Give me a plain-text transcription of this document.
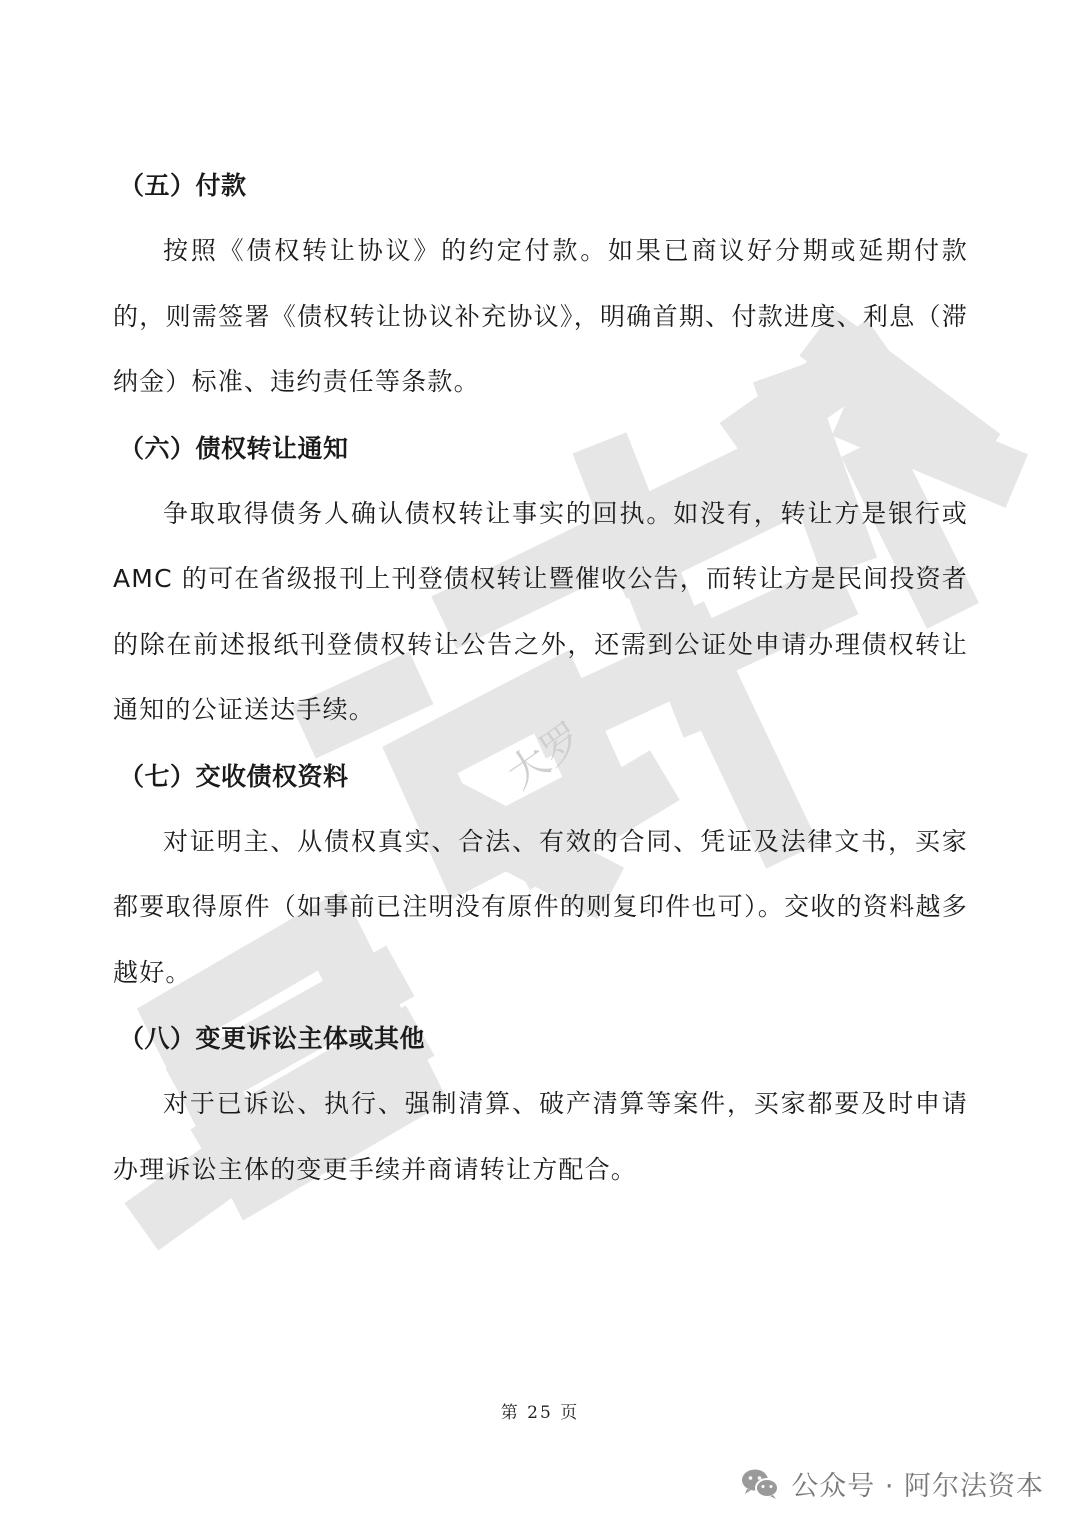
大罗
（五）付款

按照《债权转让协议》的约定付款。如果已商议好分期或延期付款的，则需签署《债权转让协议补充协议》，明确首期、付款进度、利息（滞纳金）标准、违约责任等条款。

（六）债权转让通知

争取取得债务人确认债权转让事实的回执。如没有，转让方是银行或 AMC 的可在省级报刊上刊登债权转让暨催收公告，而转让方是民间投资者的除在前述报纸刊登债权转让公告之外，还需到公证处申请办理债权转让通知的公证送达手续。

（七）交收债权资料

对证明主、从债权真实、合法、有效的合同、凭证及法律文书，买家都要取得原件（如事前已注明没有原件的则复印件也可）。交收的资料越多越好。

（八）变更诉讼主体或其他

对于已诉讼、执行、强制清算、破产清算等案件，买家都要及时申请办理诉讼主体的变更手续并商请转让方配合。

第 25 页
公众号 · 阿尔法资本
